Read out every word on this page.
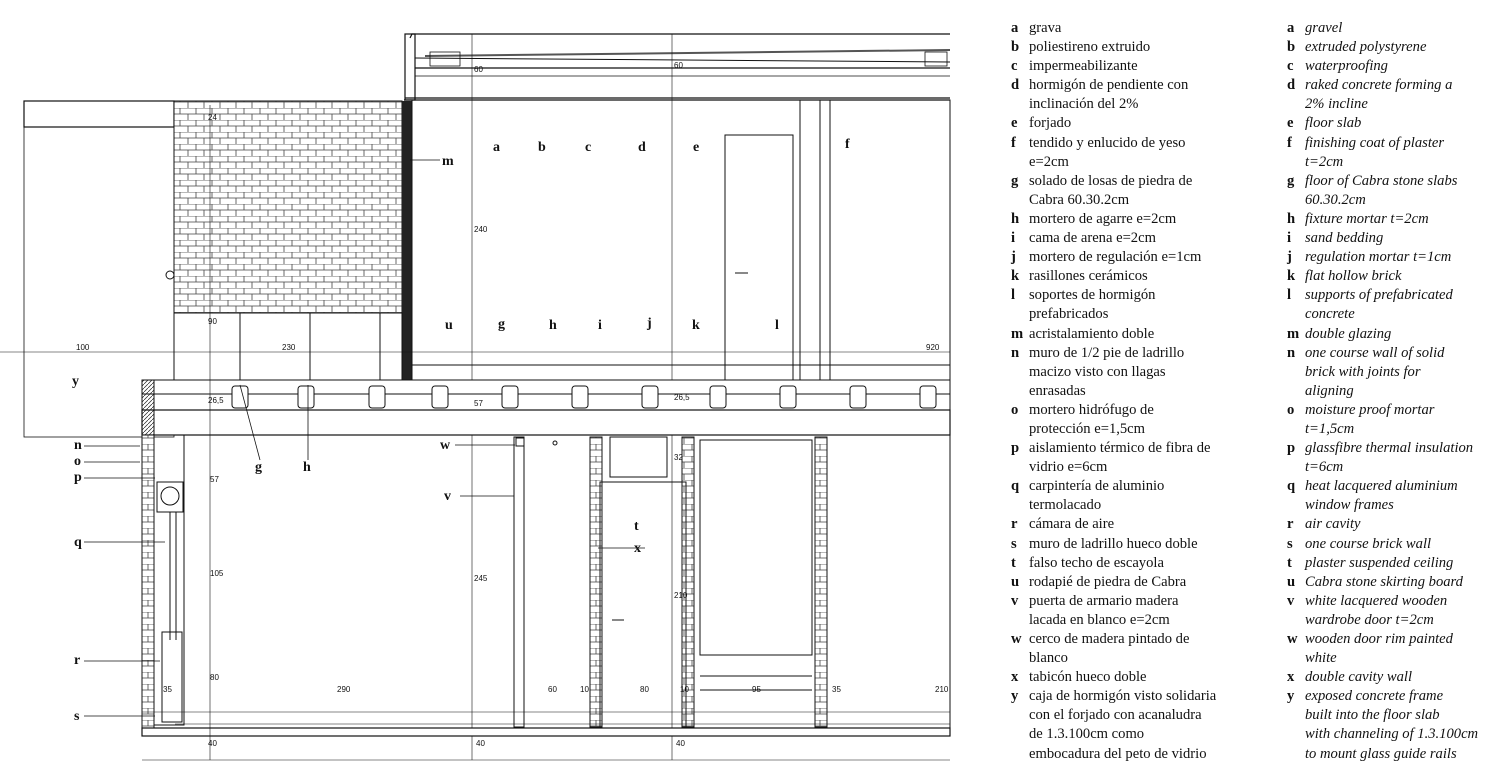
a	b	c	d	e	f
m
y
u	g	h	i	j	k	l
n
o
p
q
r
s
w
v
t
x
g	h
24
60	60
240
90
100	230	920
26,5	57
26,5
57
32
105
245
210
80
35	290	60	10	80	10	95	35	210
40	40	40
a grava
b poliestireno extruido
c impermeabilizante
d hormigón de pendiente con
inclinación del 2%
e forjado
f tendido y enlucido de yeso
e=2cm
g solado de losas de piedra de
Cabra 60.30.2cm
h mortero de agarre e=2cm
i cama de arena e=2cm
j mortero de regulación e=1cm
k rasillones cerámicos
l soportes de hormigón
prefabricados
m acristalamiento doble
n muro de 1/2 pie de ladrillo
macizo visto con llagas
enrasadas
o mortero hidrófugo de
protección e=1,5cm
p aislamiento térmico de fibra de
vidrio e=6cm
q carpintería de aluminio
termolacado
r cámara de aire
s muro de ladrillo hueco doble
t falso techo de escayola
u rodapié de piedra de Cabra
v puerta de armario madera
lacada en blanco e=2cm
w cerco de madera pintado de
blanco
x tabicón hueco doble
y caja de hormigón visto solidaria
con el forjado con acanaludra
de 1.3.100cm como
embocadura del peto de vidrio
a gravel
b extruded polystyrene
c waterproofing
d raked concrete forming a
2% incline
e floor slab
f finishing coat of plaster
t=2cm
g floor of Cabra stone slabs
60.30.2cm
h fixture mortar t=2cm
i sand bedding
j regulation mortar t=1cm
k flat hollow brick
l supports of prefabricated
concrete
m double glazing
n one course wall of solid
brick with joints for
aligning
o moisture proof mortar
t=1,5cm
p glassfibre thermal insulation
t=6cm
q heat lacquered aluminium
window frames
r air cavity
s one course brick wall
t plaster suspended ceiling
u Cabra stone skirting board
v white lacquered wooden
wardrobe door t=2cm
w wooden door rim painted
white
x double cavity wall
y exposed concrete frame
built into the floor slab
with channeling of 1.3.100cm
to mount glass guide rails
